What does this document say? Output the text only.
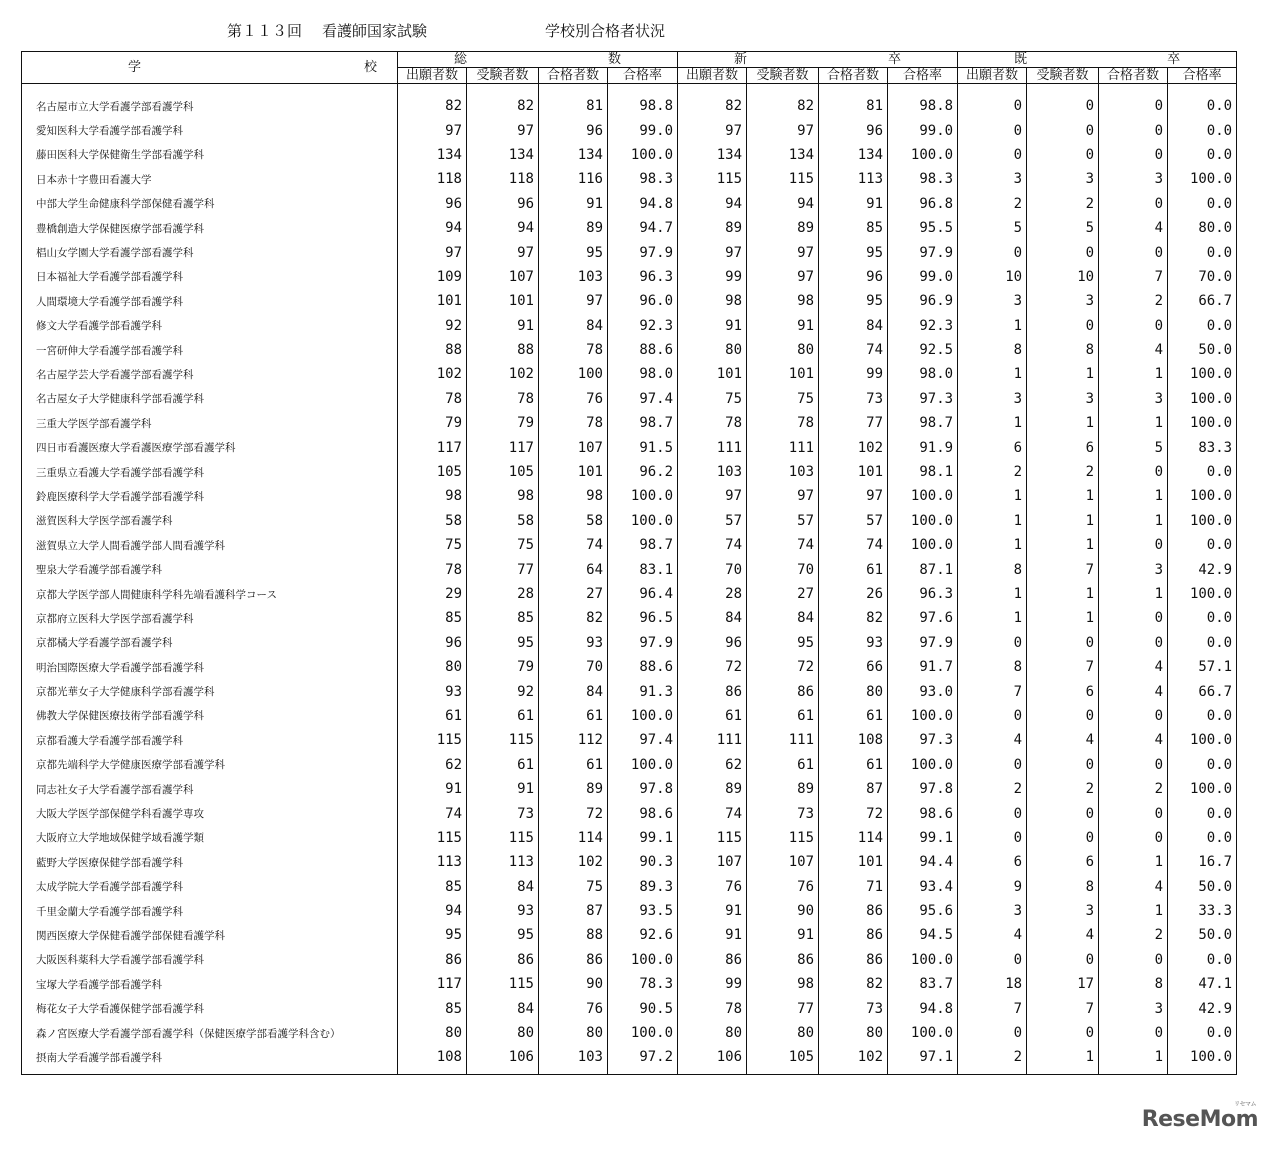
第１１３回 看護師国家試験	学校別合格者状況
学 校	総 数				新 卒				既 卒			

	出願者数	受験者数	合格者数	合格率	出願者数	受験者数	合格者数	合格率	出願者数	受験者数	合格者数	合格率
名古屋市立大学看護学部看護学科	82	82	81	98.8	82	82	81	98.8	0	0	0	0.0
愛知医科大学看護学部看護学科	97	97	96	99.0	97	97	96	99.0	0	0	0	0.0
藤田医科大学保健衛生学部看護学科	134	134	134	100.0	134	134	134	100.0	0	0	0	0.0
日本赤十字豊田看護大学	118	118	116	98.3	115	115	113	98.3	3	3	3	100.0
中部大学生命健康科学部保健看護学科	96	96	91	94.8	94	94	91	96.8	2	2	0	0.0
豊橋創造大学保健医療学部看護学科	94	94	89	94.7	89	89	85	95.5	5	5	4	80.0
椙山女学園大学看護学部看護学科	97	97	95	97.9	97	97	95	97.9	0	0	0	0.0
日本福祉大学看護学部看護学科	109	107	103	96.3	99	97	96	99.0	10	10	7	70.0
人間環境大学看護学部看護学科	101	101	97	96.0	98	98	95	96.9	3	3	2	66.7
修文大学看護学部看護学科	92	91	84	92.3	91	91	84	92.3	1	0	0	0.0
一宮研伸大学看護学部看護学科	88	88	78	88.6	80	80	74	92.5	8	8	4	50.0
名古屋学芸大学看護学部看護学科	102	102	100	98.0	101	101	99	98.0	1	1	1	100.0
名古屋女子大学健康科学部看護学科	78	78	76	97.4	75	75	73	97.3	3	3	3	100.0
三重大学医学部看護学科	79	79	78	98.7	78	78	77	98.7	1	1	1	100.0
四日市看護医療大学看護医療学部看護学科	117	117	107	91.5	111	111	102	91.9	6	6	5	83.3
三重県立看護大学看護学部看護学科	105	105	101	96.2	103	103	101	98.1	2	2	0	0.0
鈴鹿医療科学大学看護学部看護学科	98	98	98	100.0	97	97	97	100.0	1	1	1	100.0
滋賀医科大学医学部看護学科	58	58	58	100.0	57	57	57	100.0	1	1	1	100.0
滋賀県立大学人間看護学部人間看護学科	75	75	74	98.7	74	74	74	100.0	1	1	0	0.0
聖泉大学看護学部看護学科	78	77	64	83.1	70	70	61	87.1	8	7	3	42.9
京都大学医学部人間健康科学科先端看護科学コース	29	28	27	96.4	28	27	26	96.3	1	1	1	100.0
京都府立医科大学医学部看護学科	85	85	82	96.5	84	84	82	97.6	1	1	0	0.0
京都橘大学看護学部看護学科	96	95	93	97.9	96	95	93	97.9	0	0	0	0.0
明治国際医療大学看護学部看護学科	80	79	70	88.6	72	72	66	91.7	8	7	4	57.1
京都光華女子大学健康科学部看護学科	93	92	84	91.3	86	86	80	93.0	7	6	4	66.7
佛教大学保健医療技術学部看護学科	61	61	61	100.0	61	61	61	100.0	0	0	0	0.0
京都看護大学看護学部看護学科	115	115	112	97.4	111	111	108	97.3	4	4	4	100.0
京都先端科学大学健康医療学部看護学科	62	61	61	100.0	62	61	61	100.0	0	0	0	0.0
同志社女子大学看護学部看護学科	91	91	89	97.8	89	89	87	97.8	2	2	2	100.0
大阪大学医学部保健学科看護学専攻	74	73	72	98.6	74	73	72	98.6	0	0	0	0.0
大阪府立大学地域保健学域看護学類	115	115	114	99.1	115	115	114	99.1	0	0	0	0.0
藍野大学医療保健学部看護学科	113	113	102	90.3	107	107	101	94.4	6	6	1	16.7
太成学院大学看護学部看護学科	85	84	75	89.3	76	76	71	93.4	9	8	4	50.0
千里金蘭大学看護学部看護学科	94	93	87	93.5	91	90	86	95.6	3	3	1	33.3
関西医療大学保健看護学部保健看護学科	95	95	88	92.6	91	91	86	94.5	4	4	2	50.0
大阪医科薬科大学看護学部看護学科	86	86	86	100.0	86	86	86	100.0	0	0	0	0.0
宝塚大学看護学部看護学科	117	115	90	78.3	99	98	82	83.7	18	17	8	47.1
梅花女子大学看護保健学部看護学科	85	84	76	90.5	78	77	73	94.8	7	7	3	42.9
森ノ宮医療大学看護学部看護学科（保健医療学部看護学科含む）	80	80	80	100.0	80	80	80	100.0	0	0	0	0.0
摂南大学看護学部看護学科	108	106	103	97.2	106	105	102	97.1	2	1	1	100.0
ReseMom
リセマム
